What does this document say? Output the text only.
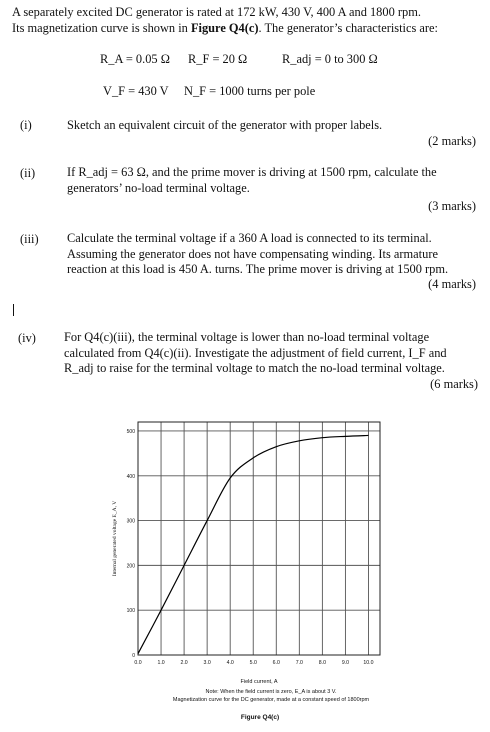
A separately excited DC generator is rated at 172 kW, 430 V, 400 A and 1800 rpm.
Its magnetization curve is shown in Figure Q4(c). The generator’s characteristics are:
R_A = 0.05 Ω R_F = 20 Ω	R_adj = 0 to 300 Ω
V_F = 430 V N_F = 1000 turns per pole
(i)	Sketch an equivalent circuit of the generator with proper labels.
(2 marks)
(ii)	If R_adj = 63 Ω, and the prime mover is driving at 1500 rpm, calculate the
generators’ no-load terminal voltage.
(3 marks)
(iii) Calculate the terminal voltage if a 360 A load is connected to its terminal.
Assuming the generator does not have compensating winding. Its armature
reaction at this load is 450 A. turns. The prime mover is driving at 1500 rpm.
(4 marks)
(iv) For Q4(c)(iii), the terminal voltage is lower than no-load terminal voltage
calculated from Q4(c)(ii). Investigate the adjustment of field current, I_F and
R_adj to raise for the terminal voltage to match the no-load terminal voltage.
(6 marks)
0.0	1.0	2.0	3.0	4.0	5.0	6.0	7.0	8.0	9.0	10.0
0
100
200
300
400
500
Internal generated voltage E_A, V
Field current, A
Note: When the field current is zero, E_A is about 3 V.
Magnetization curve for the DC generator, made at a constant speed of 1800rpm
Figure Q4(c)
